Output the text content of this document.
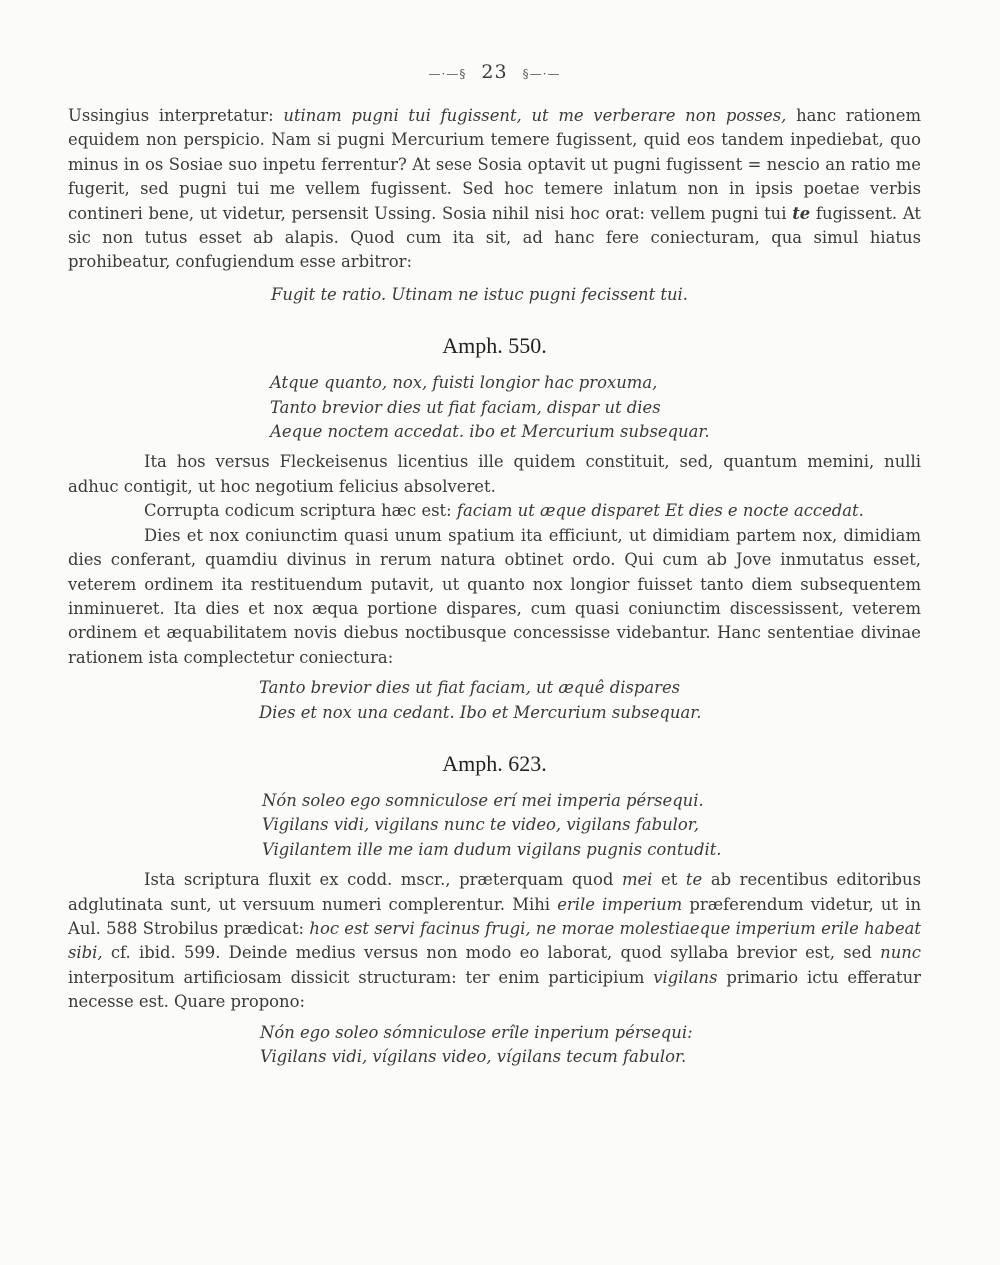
—·—§ 23 §—·—

Ussingius interpretatur: utinam pugni tui fugissent, ut me verberare non posses, hanc rationem equidem non perspicio. Nam si pugni Mercurium temere fugissent, quid eos tandem inpediebat, quo minus in os Sosiae suo inpetu ferrentur? At sese Sosia optavit ut pugni fugissent = nescio an ratio me fugerit, sed pugni tui me vellem fugissent. Sed hoc temere inlatum non in ipsis poetae verbis contineri bene, ut videtur, persensit Ussing. Sosia nihil nisi hoc orat: vellem pugni tui te fugissent. At sic non tutus esset ab alapis. Quod cum ita sit, ad hanc fere coniecturam, qua simul hiatus prohibeatur, confugiendum esse arbitror:

Fugit te ratio. Utinam ne istuc pugni fecissent tui.
Amph. 550.
Atque quanto, nox, fuisti longior hac proxuma,
Tanto brevior dies ut fiat faciam, dispar ut dies
Aeque noctem accedat. ibo et Mercurium subsequar.

Ita hos versus Fleckeisenus licentius ille quidem constituit, sed, quantum memini, nulli adhuc contigit, ut hoc negotium felicius absolveret.

Corrupta codicum scriptura hæc est: faciam ut æque disparet Et dies e nocte accedat.

Dies et nox coniunctim quasi unum spatium ita efficiunt, ut dimidiam partem nox, dimidiam dies conferant, quamdiu divinus in rerum natura obtinet ordo. Qui cum ab Jove inmutatus esset, veterem ordinem ita restituendum putavit, ut quanto nox longior fuisset tanto diem subsequentem inminueret. Ita dies et nox æqua portione dispares, cum quasi coniunctim discessissent, veterem ordinem et æquabilitatem novis diebus noctibusque concessisse videbantur. Hanc sententiae divinae rationem ista complectetur coniectura:

Tanto brevior dies ut fiat faciam, ut æquê dispares
Dies et nox una cedant. Ibo et Mercurium subsequar.
Amph. 623.
Nón soleo ego somniculose erí mei imperia pérsequi.
Vigilans vidi, vigilans nunc te video, vigilans fabulor,
Vigilantem ille me iam dudum vigilans pugnis contudit.

Ista scriptura fluxit ex codd. mscr., præterquam quod mei et te ab recentibus editoribus adglutinata sunt, ut versuum numeri complerentur. Mihi erile imperium præferendum videtur, ut in Aul. 588 Strobilus prædicat: hoc est servi facinus frugi, ne morae molestiaeque imperium erile habeat sibi, cf. ibid. 599. Deinde medius versus non modo eo laborat, quod syllaba brevior est, sed nunc interpositum artificiosam dissicit structuram: ter enim participium vigilans primario ictu efferatur necesse est. Quare propono:

Nón ego soleo sómniculose erîle inperium pérsequi:
Vigilans vidi, vígilans video, vígilans tecum fabulor.
